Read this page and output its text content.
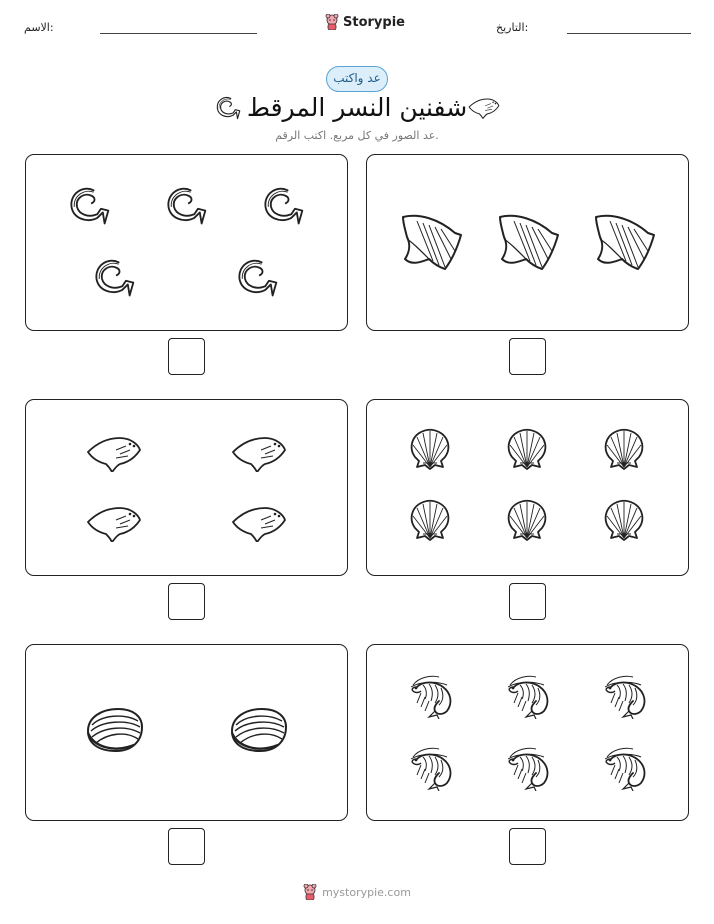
الاسم:	Storypie	التاريخ:
عد واكتب
شفنين النسر المرقط
عد الصور في كل مربع. اكتب الرقم.
mystorypie.com
